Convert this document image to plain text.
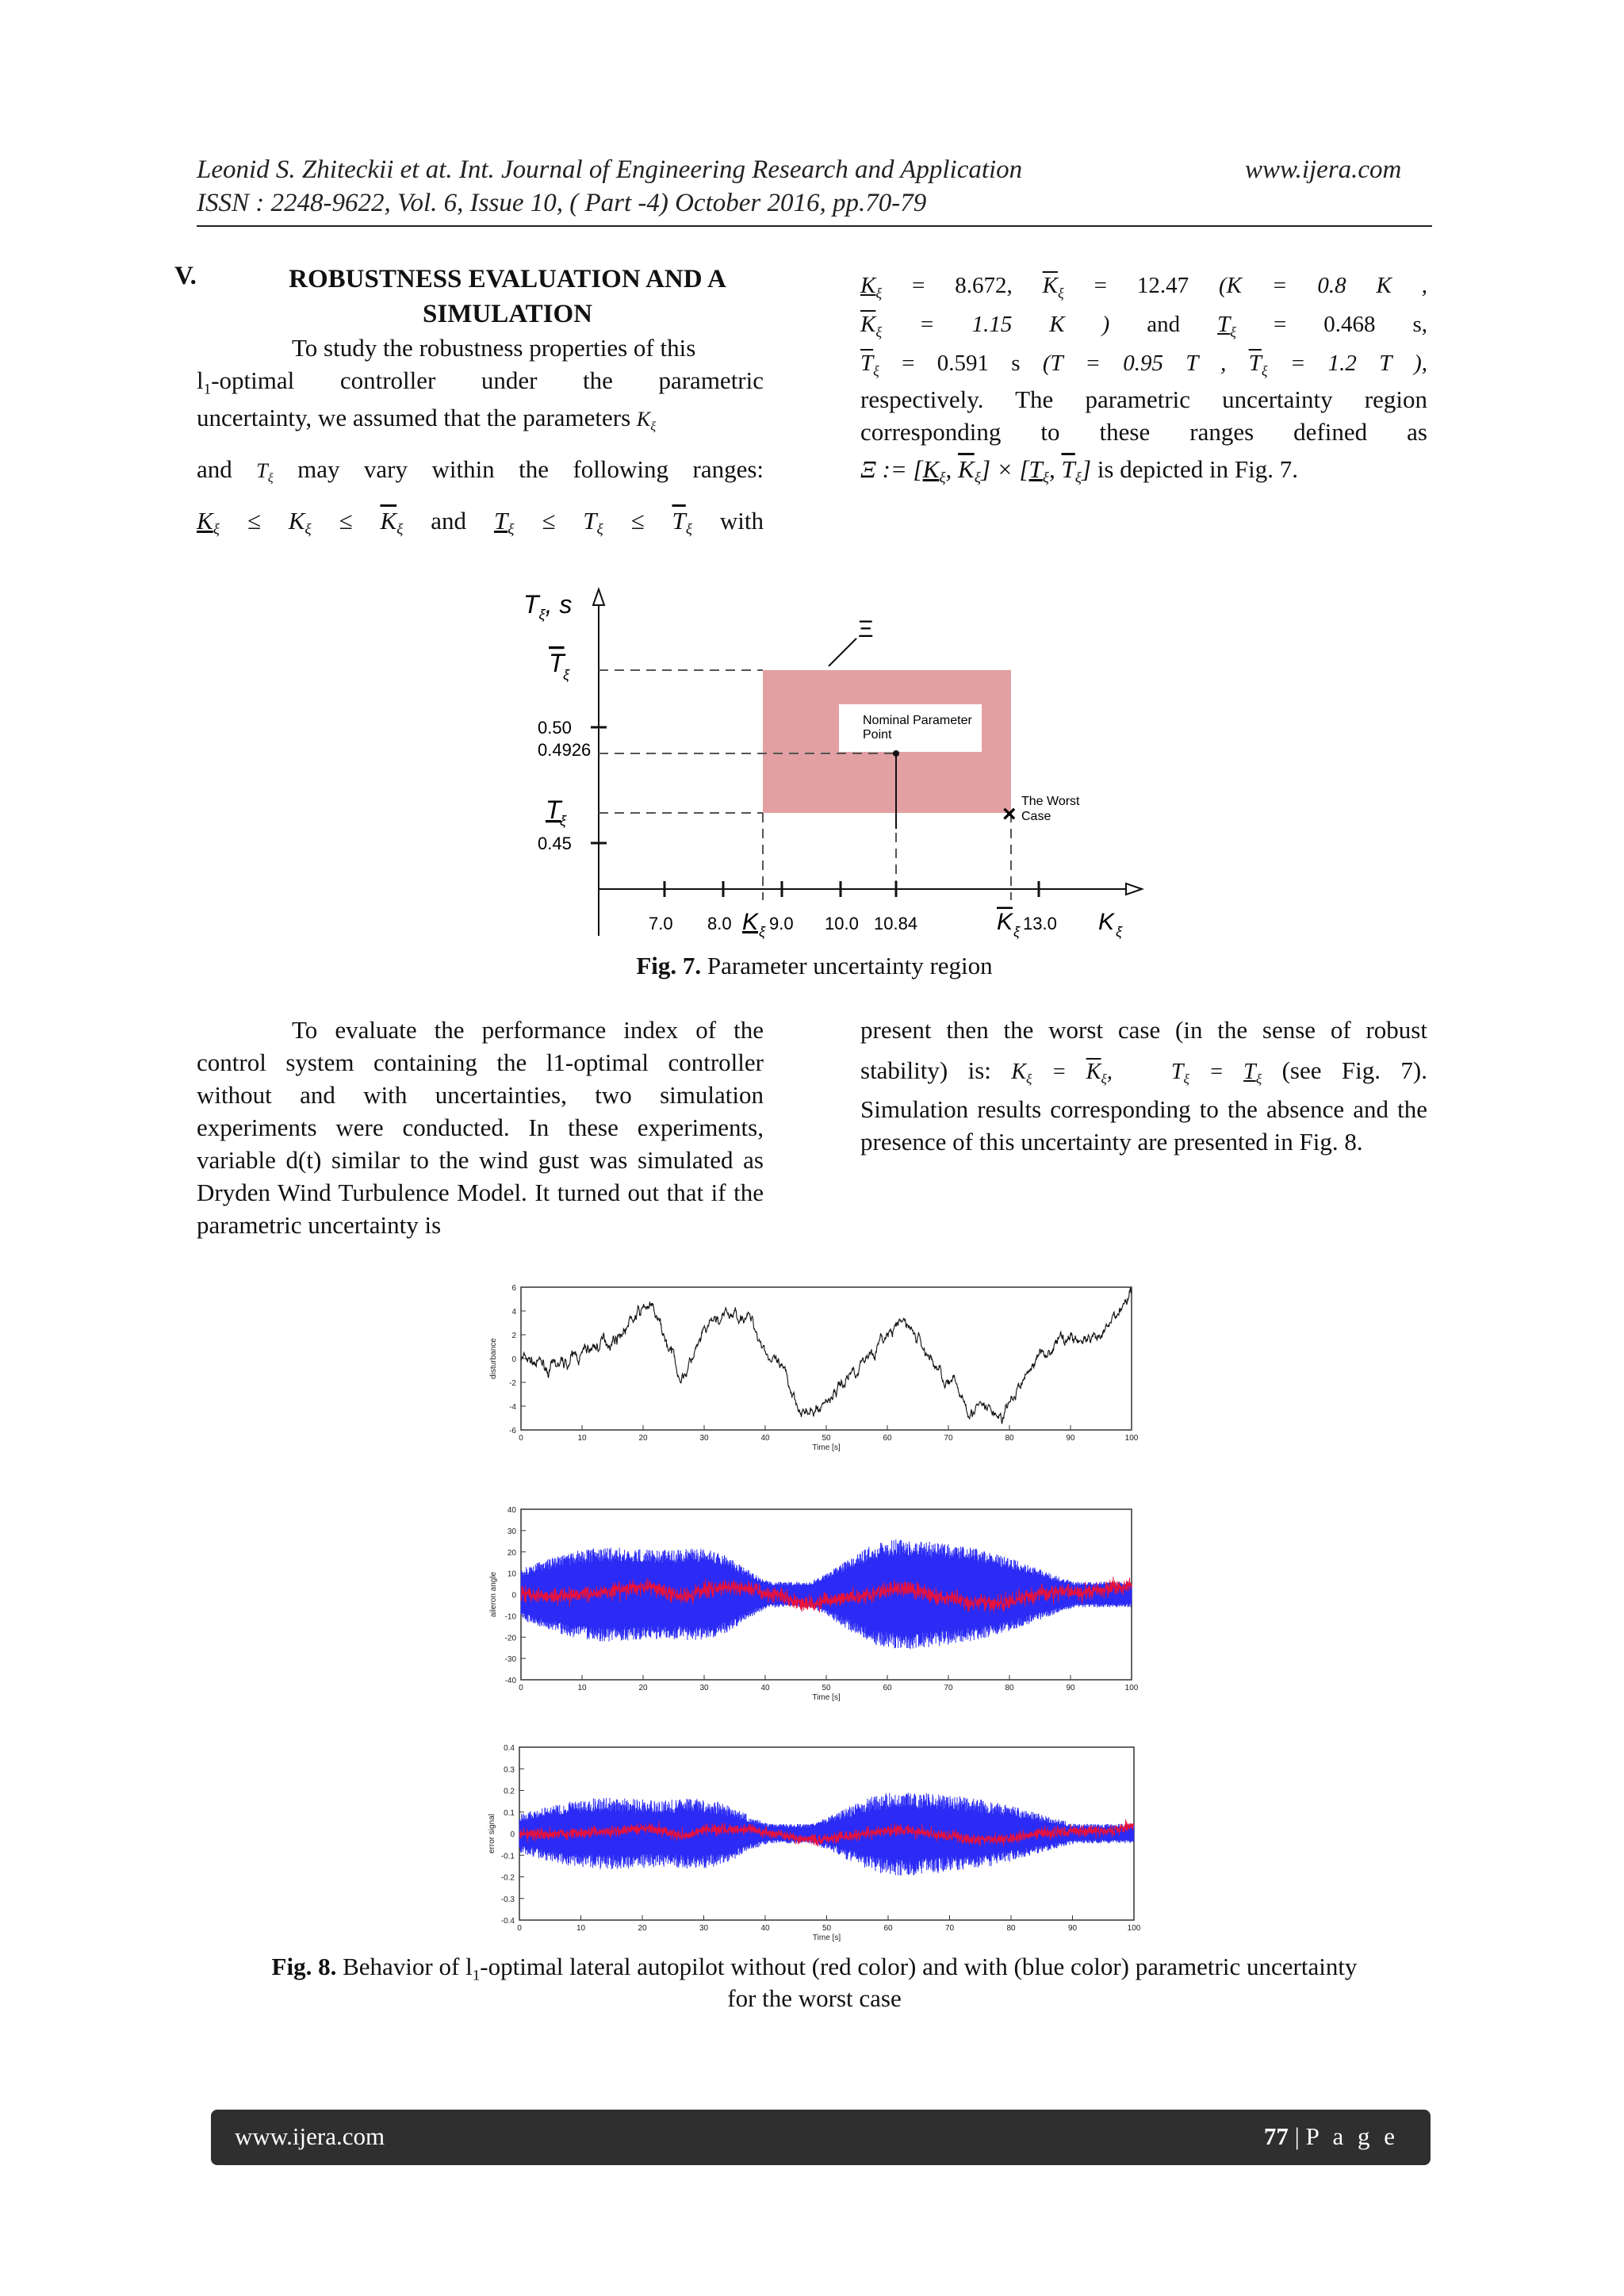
Leonid S. Zhiteckii et at. Int. Journal of Engineering Research and Application	www.ijera.com
ISSN : 2248-9622, Vol. 6, Issue 10, ( Part -4) October 2016, pp.70-79
V.	ROBUSTNESS EVALUATION AND A
SIMULATION
To study the robustness properties of this
$l_1$-optimal controller under the parametric
uncertainty, we assumed that the parameters $K_\xi$
and $T_\xi$ may vary within the following ranges:
$K_\xi \le K_\xi \le \overline{K}_\xi$ and $T_\xi \le T_\xi \le \overline{T}_\xi$ with
$K_\xi = 8.672$, $\overline{K}_\xi = 12.47$ (K = 0.8 K ,
$\overline{K}_\xi = 1.15$ K ) and $T_\xi = 0.468$ s,
$\overline{T}_\xi = 0.591$ s (T = 0.95 T , $\overline{T}_\xi = 1.2$ T ),
respectively. The parametric uncertainty region
corresponding to these ranges defined as
Ξ := [$K_\xi$, $\overline{K}_\xi] \times [T_\xi$, $\overline{T}_\xi$] is depicted in Fig. 7.
$T_\xi$, s
T
ξ
0.50
0.4926
T
ξ
0.45
7.0 8.0 K ξ 9.0 10.0 10.84	K ξ 13.0 K ξ
Ξ
Nominal Parameter
Point
× The Worst
Case
Fig. 7. Parameter uncertainty region
To evaluate the performance index of the control system containing the l1-optimal controller without and with uncertainties, two simulation experiments were conducted. In these experiments, variable d(t) similar to the wind gust was simulated as Dryden Wind Turbulence Model. It turned out that if the parametric uncertainty is
present then the worst case (in the sense of robust
stability) is: $K_\xi = \overline{K}_\xi$,   $T_\xi = T_\xi$ (see Fig. 7).
Simulation results corresponding to the absence and the presence of this uncertainty are presented in Fig. 8.
6
4
2
0
-2
-4
-6
0	10	20	30	40	50	60	70	80	90	100
Time [s]
disturbance
40
30
20
10
0
-10
-20
-30
-40
0	10	20	30	40	50	60	70	80	90	100
Time [s]
aileron angle
0.4
0.3
0.2
0.1
0
-0.1
-0.2
-0.3
-0.4
0	10	20	30	40	50	60	70	80	90	100
Time [s]
error signal
Fig. 8. Behavior of $l_1$-optimal lateral autopilot without (red color) and with (blue color) parametric uncertainty
for the worst case
www.ijera.com	77 | P a g e
